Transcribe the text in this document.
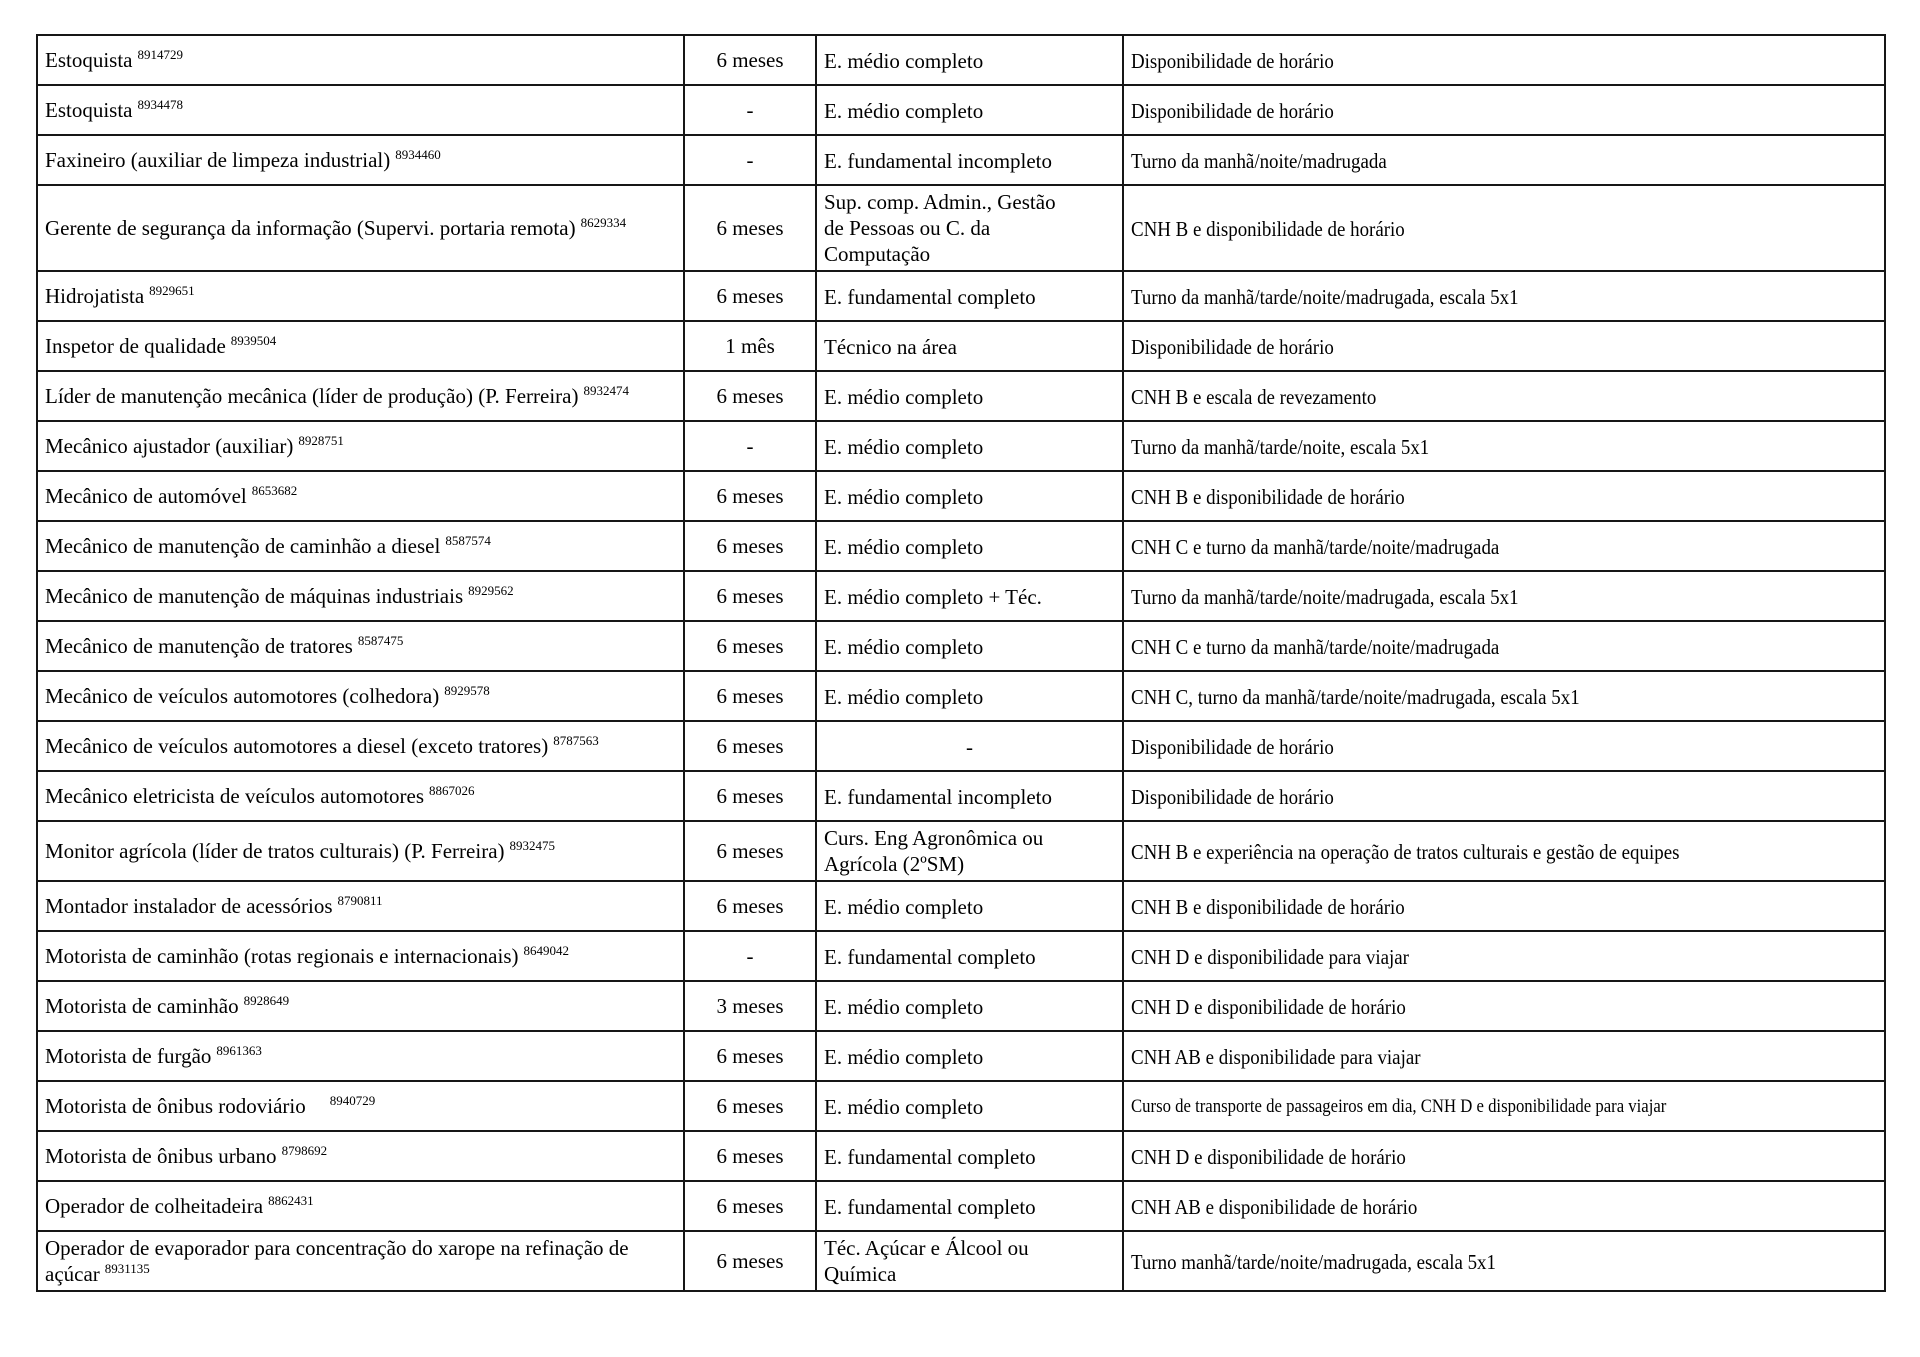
Estoquista $^{8914729}$	6 meses	E. médio completo	Disponibilidade de horário
Estoquista $^{8934478}$	-	E. médio completo	Disponibilidade de horário
Faxineiro (auxiliar de limpeza industrial) $^{8934460}$	-	E. fundamental incompleto	Turno da manhã/noite/madrugada
Gerente de segurança da informação (Supervi. portaria remota) $^{8629334}$	6 meses	Sup. comp. Admin., Gestão de Pessoas ou C. da Computação	CNH B e disponibilidade de horário
Hidrojatista $^{8929651}$	6 meses	E. fundamental completo	Turno da manhã/tarde/noite/madrugada, escala 5x1
Inspetor de qualidade $^{8939504}$	1 mês	Técnico na área	Disponibilidade de horário
Líder de manutenção mecânica (líder de produção) (P. Ferreira) $^{8932474}$	6 meses	E. médio completo	CNH B e escala de revezamento
Mecânico ajustador (auxiliar) $^{8928751}$	-	E. médio completo	Turno da manhã/tarde/noite, escala 5x1
Mecânico de automóvel $^{8653682}$	6 meses	E. médio completo	CNH B e disponibilidade de horário
Mecânico de manutenção de caminhão a diesel $^{8587574}$	6 meses	E. médio completo	CNH C e turno da manhã/tarde/noite/madrugada
Mecânico de manutenção de máquinas industriais $^{8929562}$	6 meses	E. médio completo + Téc.	Turno da manhã/tarde/noite/madrugada, escala 5x1
Mecânico de manutenção de tratores $^{8587475}$	6 meses	E. médio completo	CNH C e turno da manhã/tarde/noite/madrugada
Mecânico de veículos automotores (colhedora) $^{8929578}$	6 meses	E. médio completo	CNH C, turno da manhã/tarde/noite/madrugada, escala 5x1
Mecânico de veículos automotores a diesel (exceto tratores) $^{8787563}$	6 meses	-	Disponibilidade de horário
Mecânico eletricista de veículos automotores $^{8867026}$	6 meses	E. fundamental incompleto	Disponibilidade de horário
Monitor agrícola (líder de tratos culturais) (P. Ferreira) $^{8932475}$	6 meses	Curs. Eng Agronômica ou Agrícola (2ºSM)	CNH B e experiência na operação de tratos culturais e gestão de equipes
Montador instalador de acessórios $^{8790811}$	6 meses	E. médio completo	CNH B e disponibilidade de horário
Motorista de caminhão (rotas regionais e internacionais) $^{8649042}$	-	E. fundamental completo	CNH D e disponibilidade para viajar
Motorista de caminhão $^{8928649}$	3 meses	E. médio completo	CNH D e disponibilidade de horário
Motorista de furgão $^{8961363}$	6 meses	E. médio completo	CNH AB e disponibilidade para viajar
Motorista de ônibus rodoviário $^{8940729}$	6 meses	E. médio completo	Curso de transporte de passageiros em dia, CNH D e disponibilidade para viajar
Motorista de ônibus urbano $^{8798692}$	6 meses	E. fundamental completo	CNH D e disponibilidade de horário
Operador de colheitadeira $^{8862431}$	6 meses	E. fundamental completo	CNH AB e disponibilidade de horário
Operador de evaporador para concentração do xarope na refinação de açúcar $^{8931135}$	6 meses	Téc. Açúcar e Álcool ou Química	Turno manhã/tarde/noite/madrugada, escala 5x1
